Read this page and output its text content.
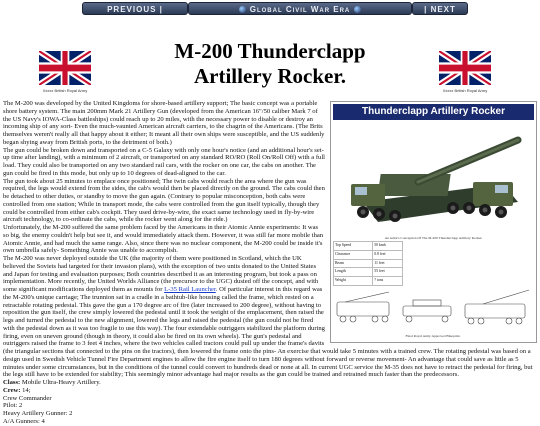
PREVIOUS |	Global Civil War Era	| NEXT
Xxxxx British Royal Army
M-200 Thunderclapp
Artillery Rocker.
Xxxxx British Royal Army
Thunderclapp Artillery Rocker
An Artist's Conception Of The M-200 Thunderclapp Artillery Rocker.
Top Speed	50 kmh
Clearance	0.8 feet
Beam	11 feet
Length	55 feet
Weight	? tons
Final Royal Army Approved Blueprint.

The M-200 was developed by the United Kingdoms for shore-based artillery support; The basic concept was a portable shore battery system. The main 200mm Mark 21 Artillery Gun (developed from the American 16"/50 caliber Mark 7 of the US Navy's IOWA-Class battleships) could reach up to 20 miles, with the necessary power to disable or destroy an incoming ship of any sort- Even the much-vaunted American aircraft carriers, to the chagrin of the Americans. (The Brits themselves weren't really all that happy about it either; It meant all their own ships were susceptible, and the US suddenly began shying away from British ports, to the detriment of both.)

The gun could be broken down and transported on a C-5 Galaxy with only one hour's notice (and an additional hour's set-up time after landing), with a minimum of 2 aircraft, or transported on any standard RO/RO (Roll On/Roll Off) with a full load. They could also be transported on any two standard rail cars, with the rocker on one car, the cabs on another. The gun could be fired in this mode, but only up to 10 degrees of dead-aligned to the car.

The gun took about 25 minutes to emplace once positioned; The twin cabs would reach the area where the gun was required, the legs would extend from the sides, the cab's would then be placed directly on the ground. The cabs could then be detached to other duties, or standby to move the gun again. (Contrary to popular misconception, both cabs were controlled from one station; While in transport mode, the cabs were controlled from the gun itself typically, though they could be controlled from either cab's cockpit. They used drive-by-wire, the exact same technology used in fly-by-wire aircraft technology, to co-ordinate the cabs, while the rocker went along for the ride.)

Unfortunately, the M-200 suffered the same problem faced by the Americans in their Atomic Annie experiments: It was so big, the enemy couldn't help but see it, and would immediately attack them. However, it was still far more mobile than Atomic Annie, and had much the same range. Also, since there was no nuclear component, the M-200 could be inside it's own umbrella safely- Something Annie was unable to accomplish.

The M-200 was never deployed outside the UK (the majority of them were positioned in Scotland, which the UK believed the Soviets had targeted for their invasion plans), with the exception of two units donated to the United States and Japan for testing and evaluation purposes; Both countries described it as an interesting program, but took a pass on implementation. More recently, the United Worlds Alliance (the precursor to the UGC) dusted off the concept, and with some significant modifications deployed them as mounts for L-35 Rail Launcher. Of particular interest in this regard was the M-200's unique carriage; The trunnion sat in a cradle in a bathtub-like housing called the frame, which rested on a retractable rotating pedestal. This gave the gun a 170 degree arc of fire (later increased to 200 degree), without having to reposition the gun itself, the crew simply lowered the pedestal until it took the weight of the emplacement, then raised the legs and turned the pedestal to the new alignment, lowered the legs and raised the pedestal (the gun could not be fired with the pedestal down as it was too fragile to use this way). The four extendable outriggers stabilized the platform during firing, even on uneven ground (though in theory, it could also be fired on its own wheels). The gun's pedestal and outriggers raised the frame to 3 feet 4 inches, where the two vehicles called tractors could pull up under the frame's davits (the triangular sections that connected to the pins on the tractors), then lowered the frame onto the pins- An exercise that would take 5 minutes with a trained crew. The rotating pedestal was based on a design used in Swedish Vehicle Tunnel Fire Department engines to allow the fire engine itself to turn 180 degrees without forward or reverse movement- An advantage that could save as little as 5 minutes under some circumstances, but in the conditions of the tunnel could convert to hundreds dead or none at all. In current UGC service the M-35 does not have to retract the pedestal for firing, but the legs still have to be extended for stability; This seemingly minor advantage had major results as the gun could be trained and retrained much faster than the predecessors.

Class: Mobile Ultra-Heavy Artillery.

Crew: 14;

Crew Commander

Pilot: 2

Heavy Artillery Gunner: 2

A/A Gunners: 4
